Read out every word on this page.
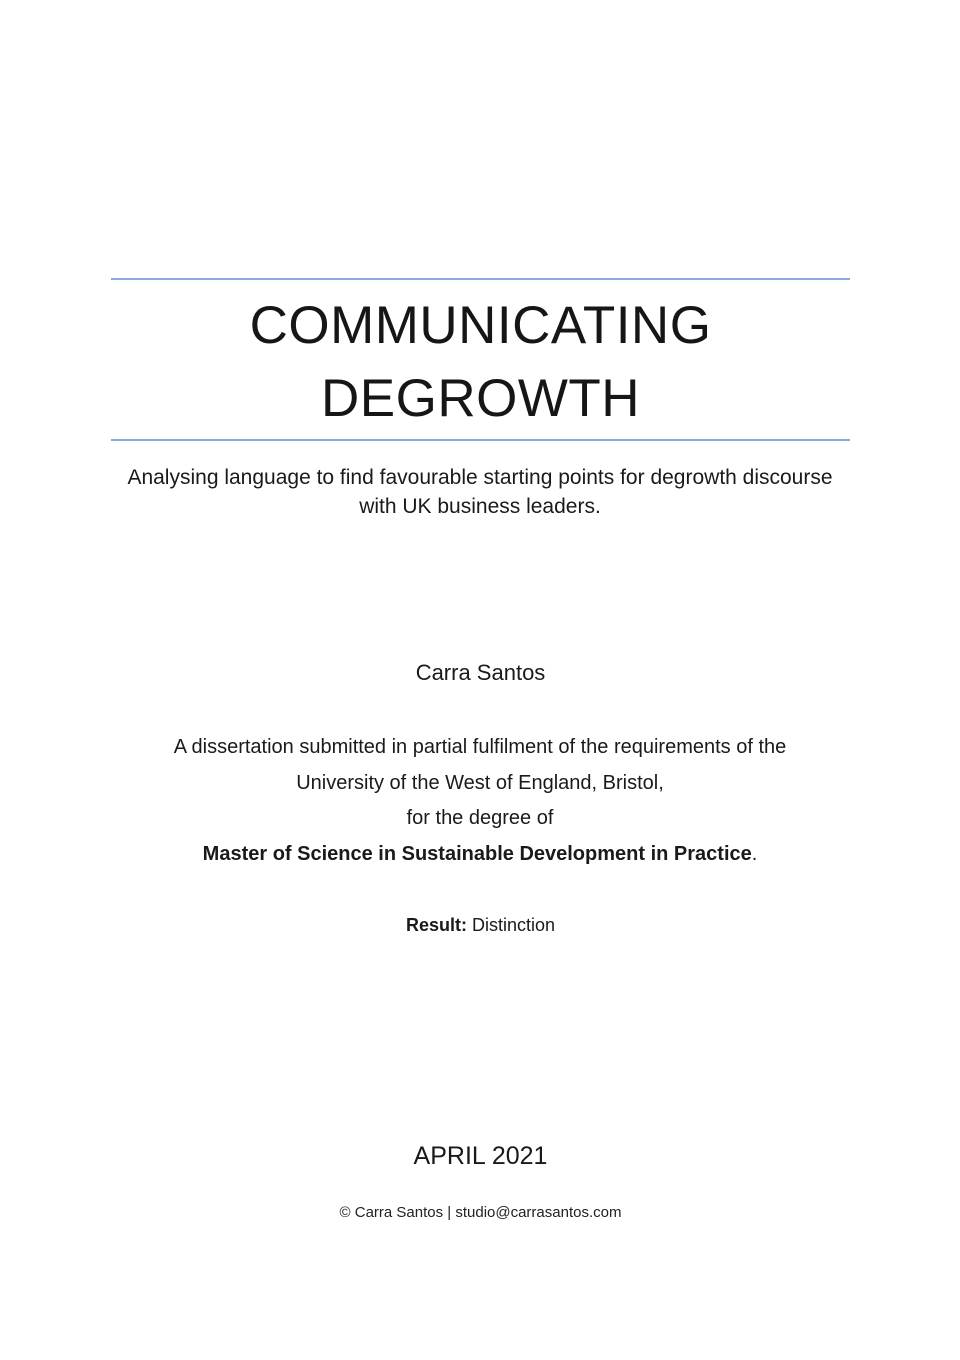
COMMUNICATING
DEGROWTH
Analysing language to find favourable starting points for degrowth discourse
with UK business leaders.
Carra Santos
A dissertation submitted in partial fulfilment of the requirements of the
University of the West of England, Bristol,
for the degree of
Master of Science in Sustainable Development in Practice.
Result: Distinction
APRIL 2021
© Carra Santos | studio@carrasantos.com
